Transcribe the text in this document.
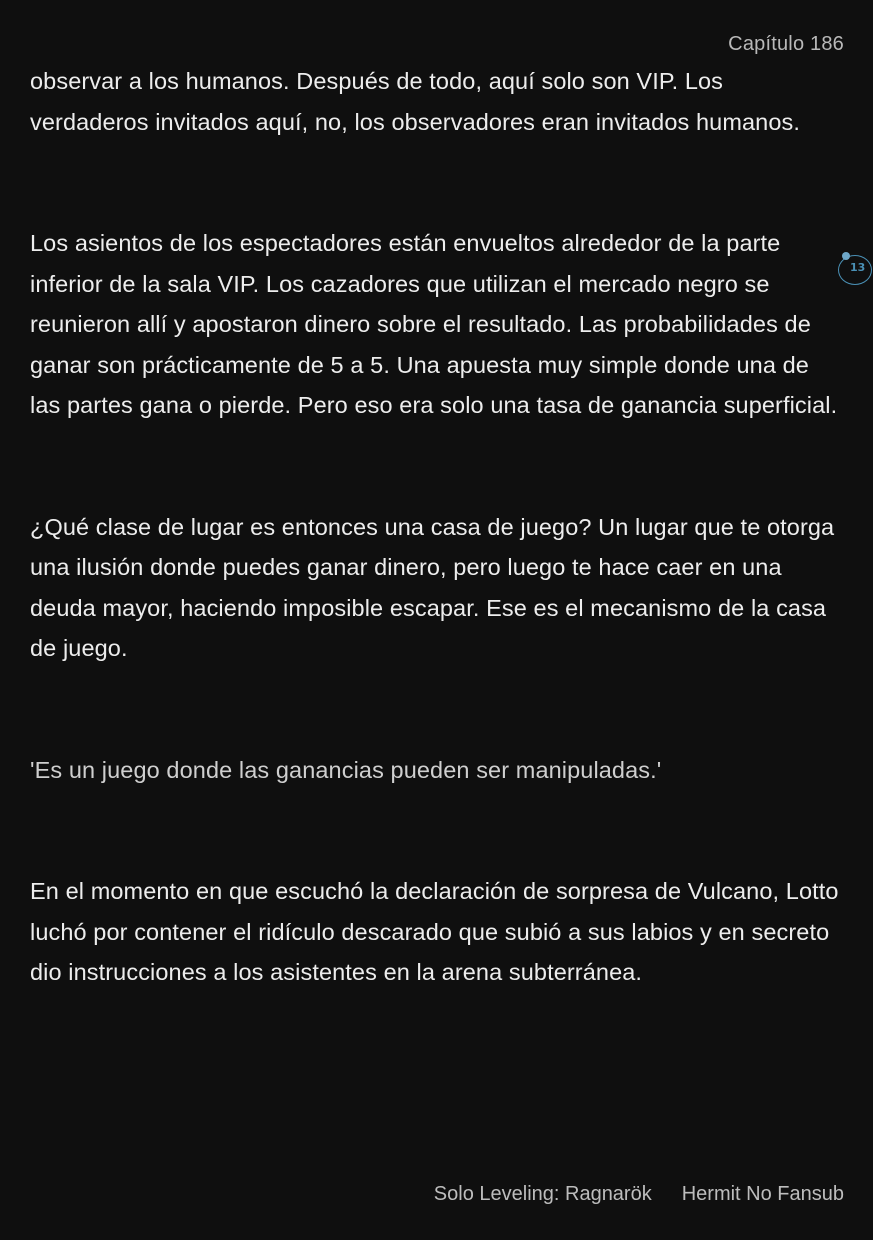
Capítulo 186

observar a los humanos. Después de todo, aquí solo son VIP. Los verdaderos invitados aquí, no, los observadores eran invitados humanos.

Los asientos de los espectadores están envueltos alrededor de la parte inferior de la sala VIP. Los cazadores que utilizan el mercado negro se reunieron allí y apostaron dinero sobre el resultado. Las probabilidades de ganar son prácticamente de 5 a 5. Una apuesta muy simple donde una de las partes gana o pierde. Pero eso era solo una tasa de ganancia superficial.

¿Qué clase de lugar es entonces una casa de juego? Un lugar que te otorga una ilusión donde puedes ganar dinero, pero luego te hace caer en una deuda mayor, haciendo imposible escapar. Ese es el mecanismo de la casa de juego.

'Es un juego donde las ganancias pueden ser manipuladas.'

En el momento en que escuchó la declaración de sorpresa de Vulcano, Lotto luchó por contener el ridículo descarado que subió a sus labios y en secreto dio instrucciones a los asistentes en la arena subterránea.

13
Solo Leveling: Ragnarök Hermit No Fansub
